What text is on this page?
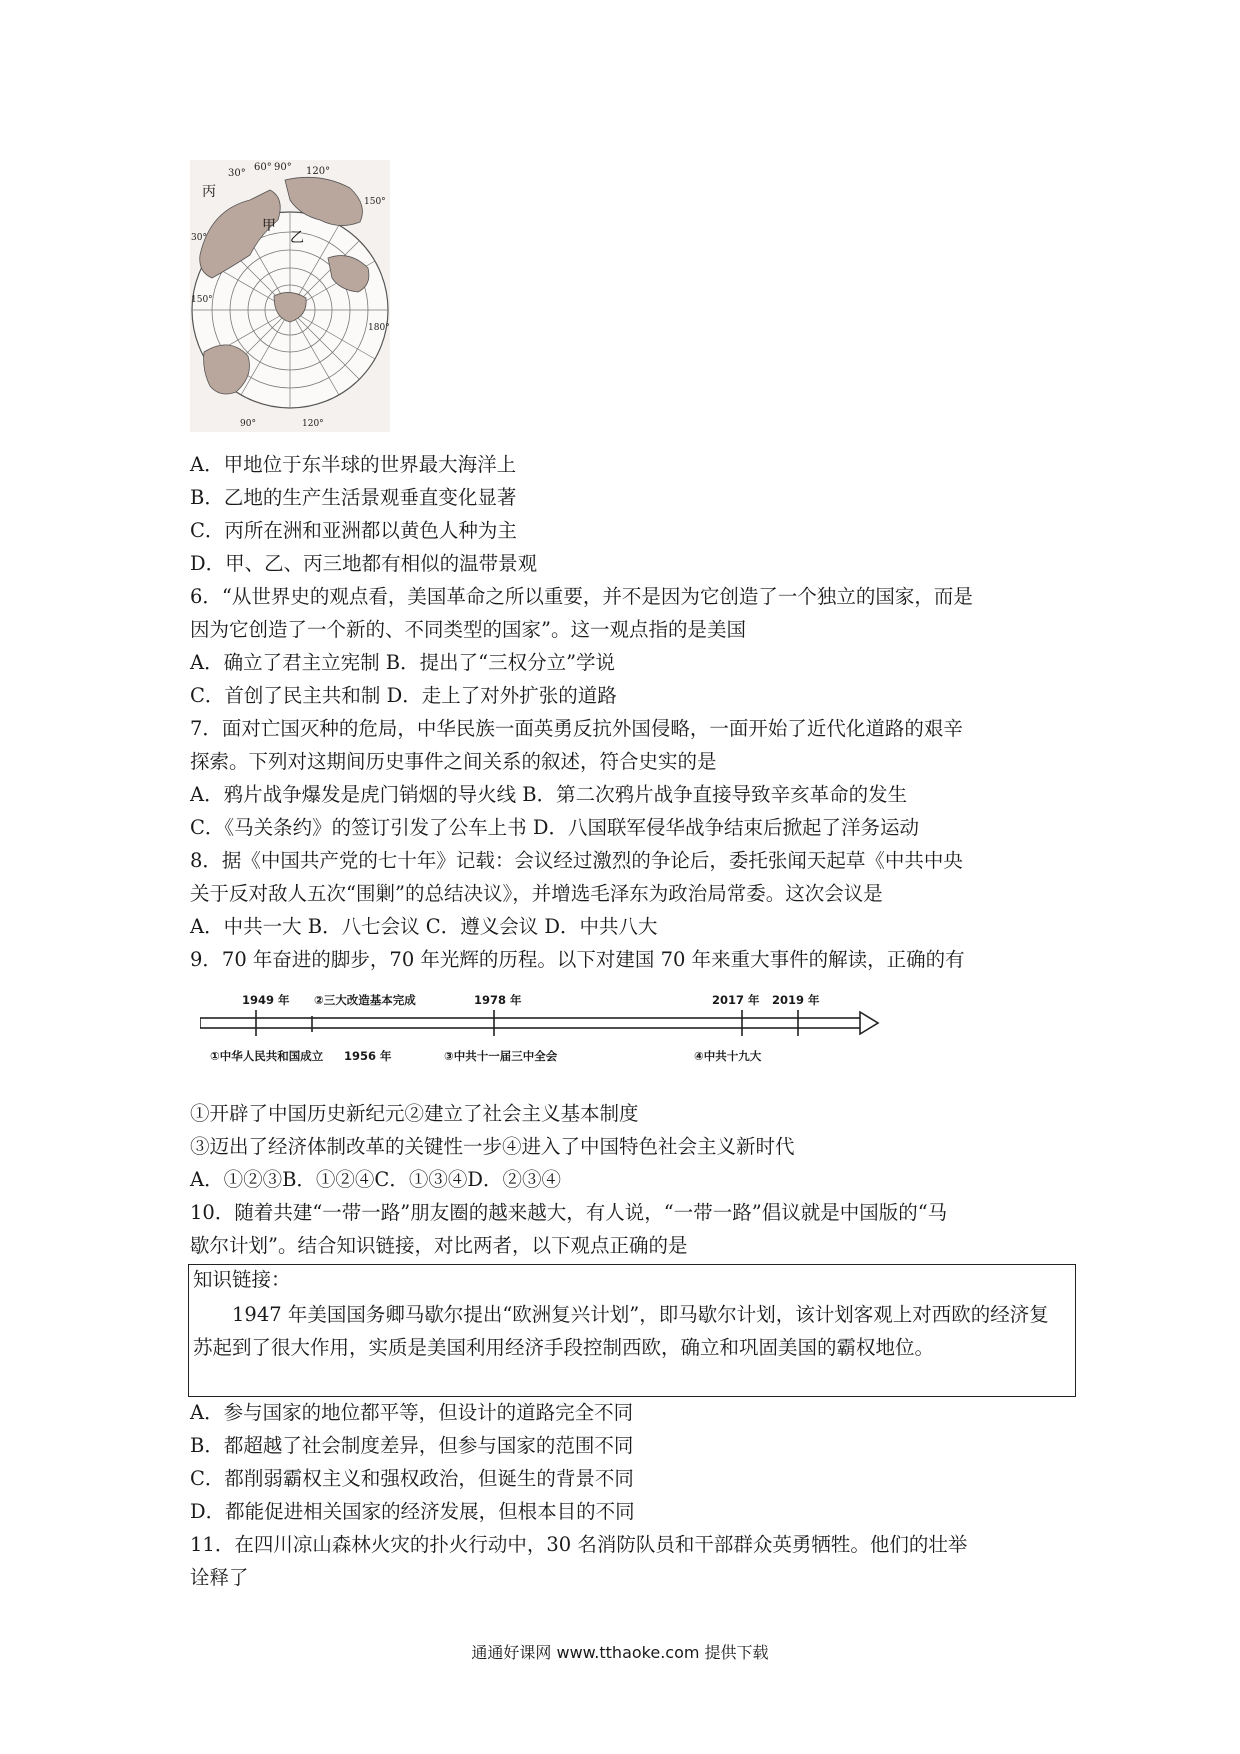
30°
60° 90° 120°
丙
甲
乙
30°
150°
180°
150°
90°	120°
A．甲地位于东半球的世界最大海洋上
B．乙地的生产生活景观垂直变化显著
C．丙所在洲和亚洲都以黄色人种为主
D．甲、乙、丙三地都有相似的温带景观
6．“从世界史的观点看，美国革命之所以重要，并不是因为它创造了一个独立的国家，而是
因为它创造了一个新的、不同类型的国家”。这一观点指的是美国
A．确立了君主立宪制 B．提出了“三权分立”学说
C．首创了民主共和制 D．走上了对外扩张的道路
7．面对亡国灭种的危局，中华民族一面英勇反抗外国侵略，一面开始了近代化道路的艰辛
探索。下列对这期间历史事件之间关系的叙述，符合史实的是
A．鸦片战争爆发是虎门销烟的导火线 B．第二次鸦片战争直接导致辛亥革命的发生
C．《马关条约》的签订引发了公车上书 D．八国联军侵华战争结束后掀起了洋务运动
8．据《中国共产党的七十年》记载：会议经过激烈的争论后，委托张闻天起草《中共中央
关于反对敌人五次“围剿”的总结决议》，并增选毛泽东为政治局常委。这次会议是
A．中共一大 B．八七会议 C．遵义会议 D．中共八大
9．70 年奋进的脚步，70 年光辉的历程。以下对建国 70 年来重大事件的解读，正确的有
1949 年 ②三大改造基本完成	1978 年	2017 年 2019 年
①中华人民共和国成立 1956 年	③中共十一届三中全会	④中共十九大
①开辟了中国历史新纪元②建立了社会主义基本制度
③迈出了经济体制改革的关键性一步④进入了中国特色社会主义新时代
A．①②③B．①②④C．①③④D．②③④
10．随着共建“一带一路”朋友圈的越来越大，有人说，“一带一路”倡议就是中国版的“马
歇尔计划”。结合知识链接，对比两者，以下观点正确的是
知识链接：
1947 年美国国务卿马歇尔提出“欧洲复兴计划”，即马歇尔计划，该计划客观上对西欧的经济复苏起到了很大作用，实质是美国利用经济手段控制西欧，确立和巩固美国的霸权地位。
A．参与国家的地位都平等，但设计的道路完全不同
B．都超越了社会制度差异，但参与国家的范围不同
C．都削弱霸权主义和强权政治，但诞生的背景不同
D．都能促进相关国家的经济发展，但根本目的不同
11．在四川凉山森林火灾的扑火行动中，30 名消防队员和干部群众英勇牺牲。他们的壮举
诠释了
通通好课网 www.tthaoke.com 提供下载
